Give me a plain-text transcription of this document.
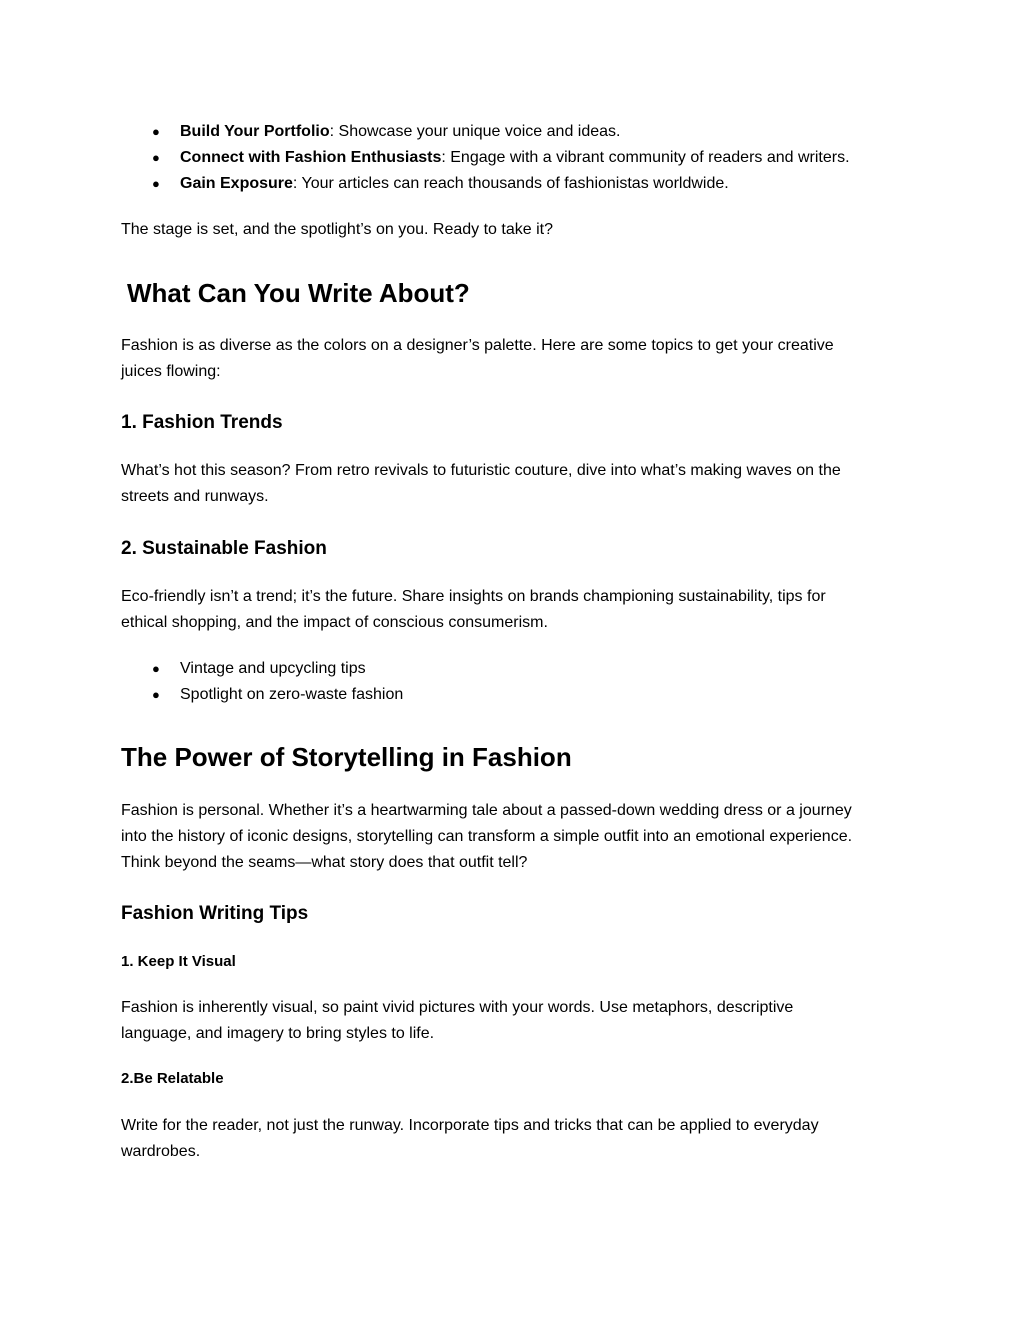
● Build Your Portfolio: Showcase your unique voice and ideas.
● Connect with Fashion Enthusiasts: Engage with a vibrant community of readers and writers.
● Gain Exposure: Your articles can reach thousands of fashionistas worldwide.
The stage is set, and the spotlight’s on you. Ready to take it?
What Can You Write About?
Fashion is as diverse as the colors on a designer’s palette. Here are some topics to get your creative
juices flowing:
1. Fashion Trends
What’s hot this season? From retro revivals to futuristic couture, dive into what’s making waves on the
streets and runways.
2. Sustainable Fashion
Eco-friendly isn’t a trend; it’s the future. Share insights on brands championing sustainability, tips for
ethical shopping, and the impact of conscious consumerism.
● Vintage and upcycling tips
● Spotlight on zero-waste fashion
The Power of Storytelling in Fashion
Fashion is personal. Whether it’s a heartwarming tale about a passed-down wedding dress or a journey
into the history of iconic designs, storytelling can transform a simple outfit into an emotional experience.
Think beyond the seams—what story does that outfit tell?
Fashion Writing Tips
1. Keep It Visual
Fashion is inherently visual, so paint vivid pictures with your words. Use metaphors, descriptive
language, and imagery to bring styles to life.
2.Be Relatable
Write for the reader, not just the runway. Incorporate tips and tricks that can be applied to everyday
wardrobes.
